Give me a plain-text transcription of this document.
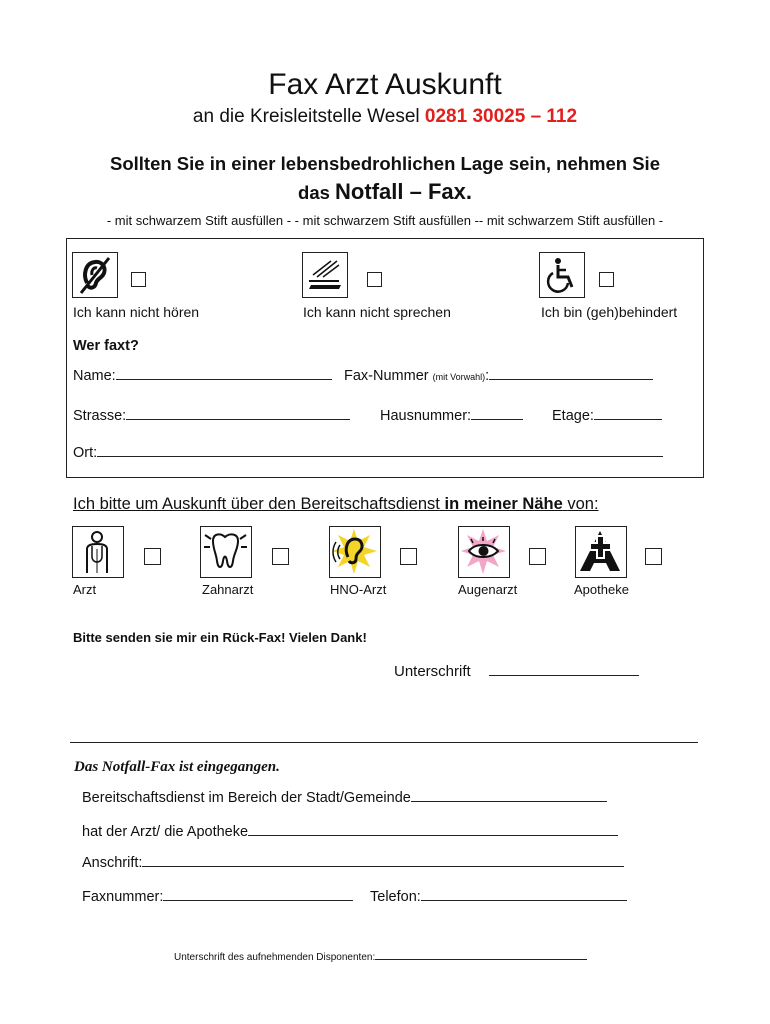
Fax Arzt Auskunft
an die Kreisleitstelle Wesel 0281 30025 – 112
Sollten Sie in einer lebensbedrohlichen Lage sein, nehmen Sie
das Notfall – Fax.
- mit schwarzem Stift ausfüllen - - mit schwarzem Stift ausfüllen -- mit schwarzem Stift ausfüllen -
Ich kann nicht hören	Ich kann nicht sprechen	Ich bin (geh)behindert
Wer faxt?
Name:	Fax-Nummer (mit Vorwahl):
Strasse:	Hausnummer:	Etage:
Ort:
Ich bitte um Auskunft über den Bereitschaftsdienst in meiner Nähe von:
Arzt	Zahnarzt	HNO-Arzt	Augenarzt	Apotheke
Bitte senden sie mir ein Rück-Fax! Vielen Dank!
Unterschrift
Das Notfall-Fax ist eingegangen.
Bereitschaftsdienst im Bereich der Stadt/Gemeinde
hat der Arzt/ die Apotheke
Anschrift:
Faxnummer:	Telefon:
Unterschrift des aufnehmenden Disponenten:
